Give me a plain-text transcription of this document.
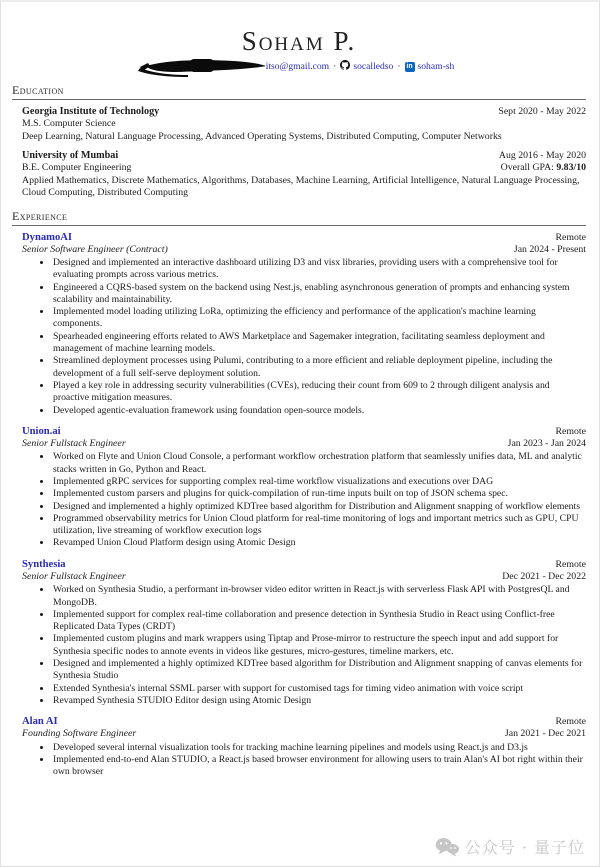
Soham P.
itso@gmail.com · socalledso · in soham-sh
Education
Georgia Institute of Technology	Sept 2020 - May 2022
M.S. Computer Science
Deep Learning, Natural Language Processing, Advanced Operating Systems, Distributed Computing, Computer Networks
University of Mumbai	Aug 2016 - May 2020
B.E. Computer Engineering	Overall GPA: 9.83/10
Applied Mathematics, Discrete Mathematics, Algorithms, Databases, Machine Learning, Artificial Intelligence, Natural Language Processing, Cloud Computing, Distributed Computing
Experience
DynamoAI	Remote
Senior Software Engineer (Contract)	Jan 2024 - Present
• Designed and implemented an interactive dashboard utilizing D3 and visx libraries, providing users with a comprehensive tool for evaluating prompts across various metrics.
• Engineered a CQRS-based system on the backend using Nest.js, enabling asynchronous generation of prompts and enhancing system scalability and maintainability.
• Implemented model loading utilizing LoRa, optimizing the efficiency and performance of the application's machine learning components.
• Spearheaded engineering efforts related to AWS Marketplace and Sagemaker integration, facilitating seamless deployment and management of machine learning models.
• Streamlined deployment processes using Pulumi, contributing to a more efficient and reliable deployment pipeline, including the development of a full self-serve deployment solution.
• Played a key role in addressing security vulnerabilities (CVEs), reducing their count from 609 to 2 through diligent analysis and proactive mitigation measures.
• Developed agentic-evaluation framework using foundation open-source models.
Union.ai	Remote
Senior Fullstack Engineer	Jan 2023 - Jan 2024
• Worked on Flyte and Union Cloud Console, a performant workflow orchestration platform that seamlessly unifies data, ML and analytic stacks written in Go, Python and React.
• Implemented gRPC services for supporting complex real-time workflow visualizations and executions over DAG
• Implemented custom parsers and plugins for quick-compilation of run-time inputs built on top of JSON schema spec.
• Designed and implemented a highly optimized KDTree based algorithm for Distribution and Alignment snapping of workflow elements
• Programmed observability metrics for Union Cloud platform for real-time monitoring of logs and important metrics such as GPU, CPU utilization, live streaming of workflow execution logs
• Revamped Union Cloud Platform design using Atomic Design
Synthesia	Remote
Senior Fullstack Engineer	Dec 2021 - Dec 2022
• Worked on Synthesia Studio, a performant in-browser video editor written in React.js with serverless Flask API with PostgresQL and MongoDB.
• Implemented support for complex real-time collaboration and presence detection in Synthesia Studio in React using Conflict-free Replicated Data Types (CRDT)
• Implemented custom plugins and mark wrappers using Tiptap and Prose-mirror to restructure the speech input and add support for Synthesia specific nodes to annote events in videos like gestures, micro-gestures, timeline markers, etc.
• Designed and implemented a highly optimized KDTree based algorithm for Distribution and Alignment snapping of canvas elements for Synthesia Studio
• Extended Synthesia's internal SSML parser with support for customised tags for timing video animation with voice script
• Revamped Synthesia STUDIO Editor design using Atomic Design
Alan AI	Remote
Founding Software Engineer	Jan 2021 - Dec 2021
• Developed several internal visualization tools for tracking machine learning pipelines and models using React.js and D3.js
• Implemented end-to-end Alan STUDIO, a React.js based browser environment for allowing users to train Alan's AI bot right within their own browser
公众号 · 量子位
